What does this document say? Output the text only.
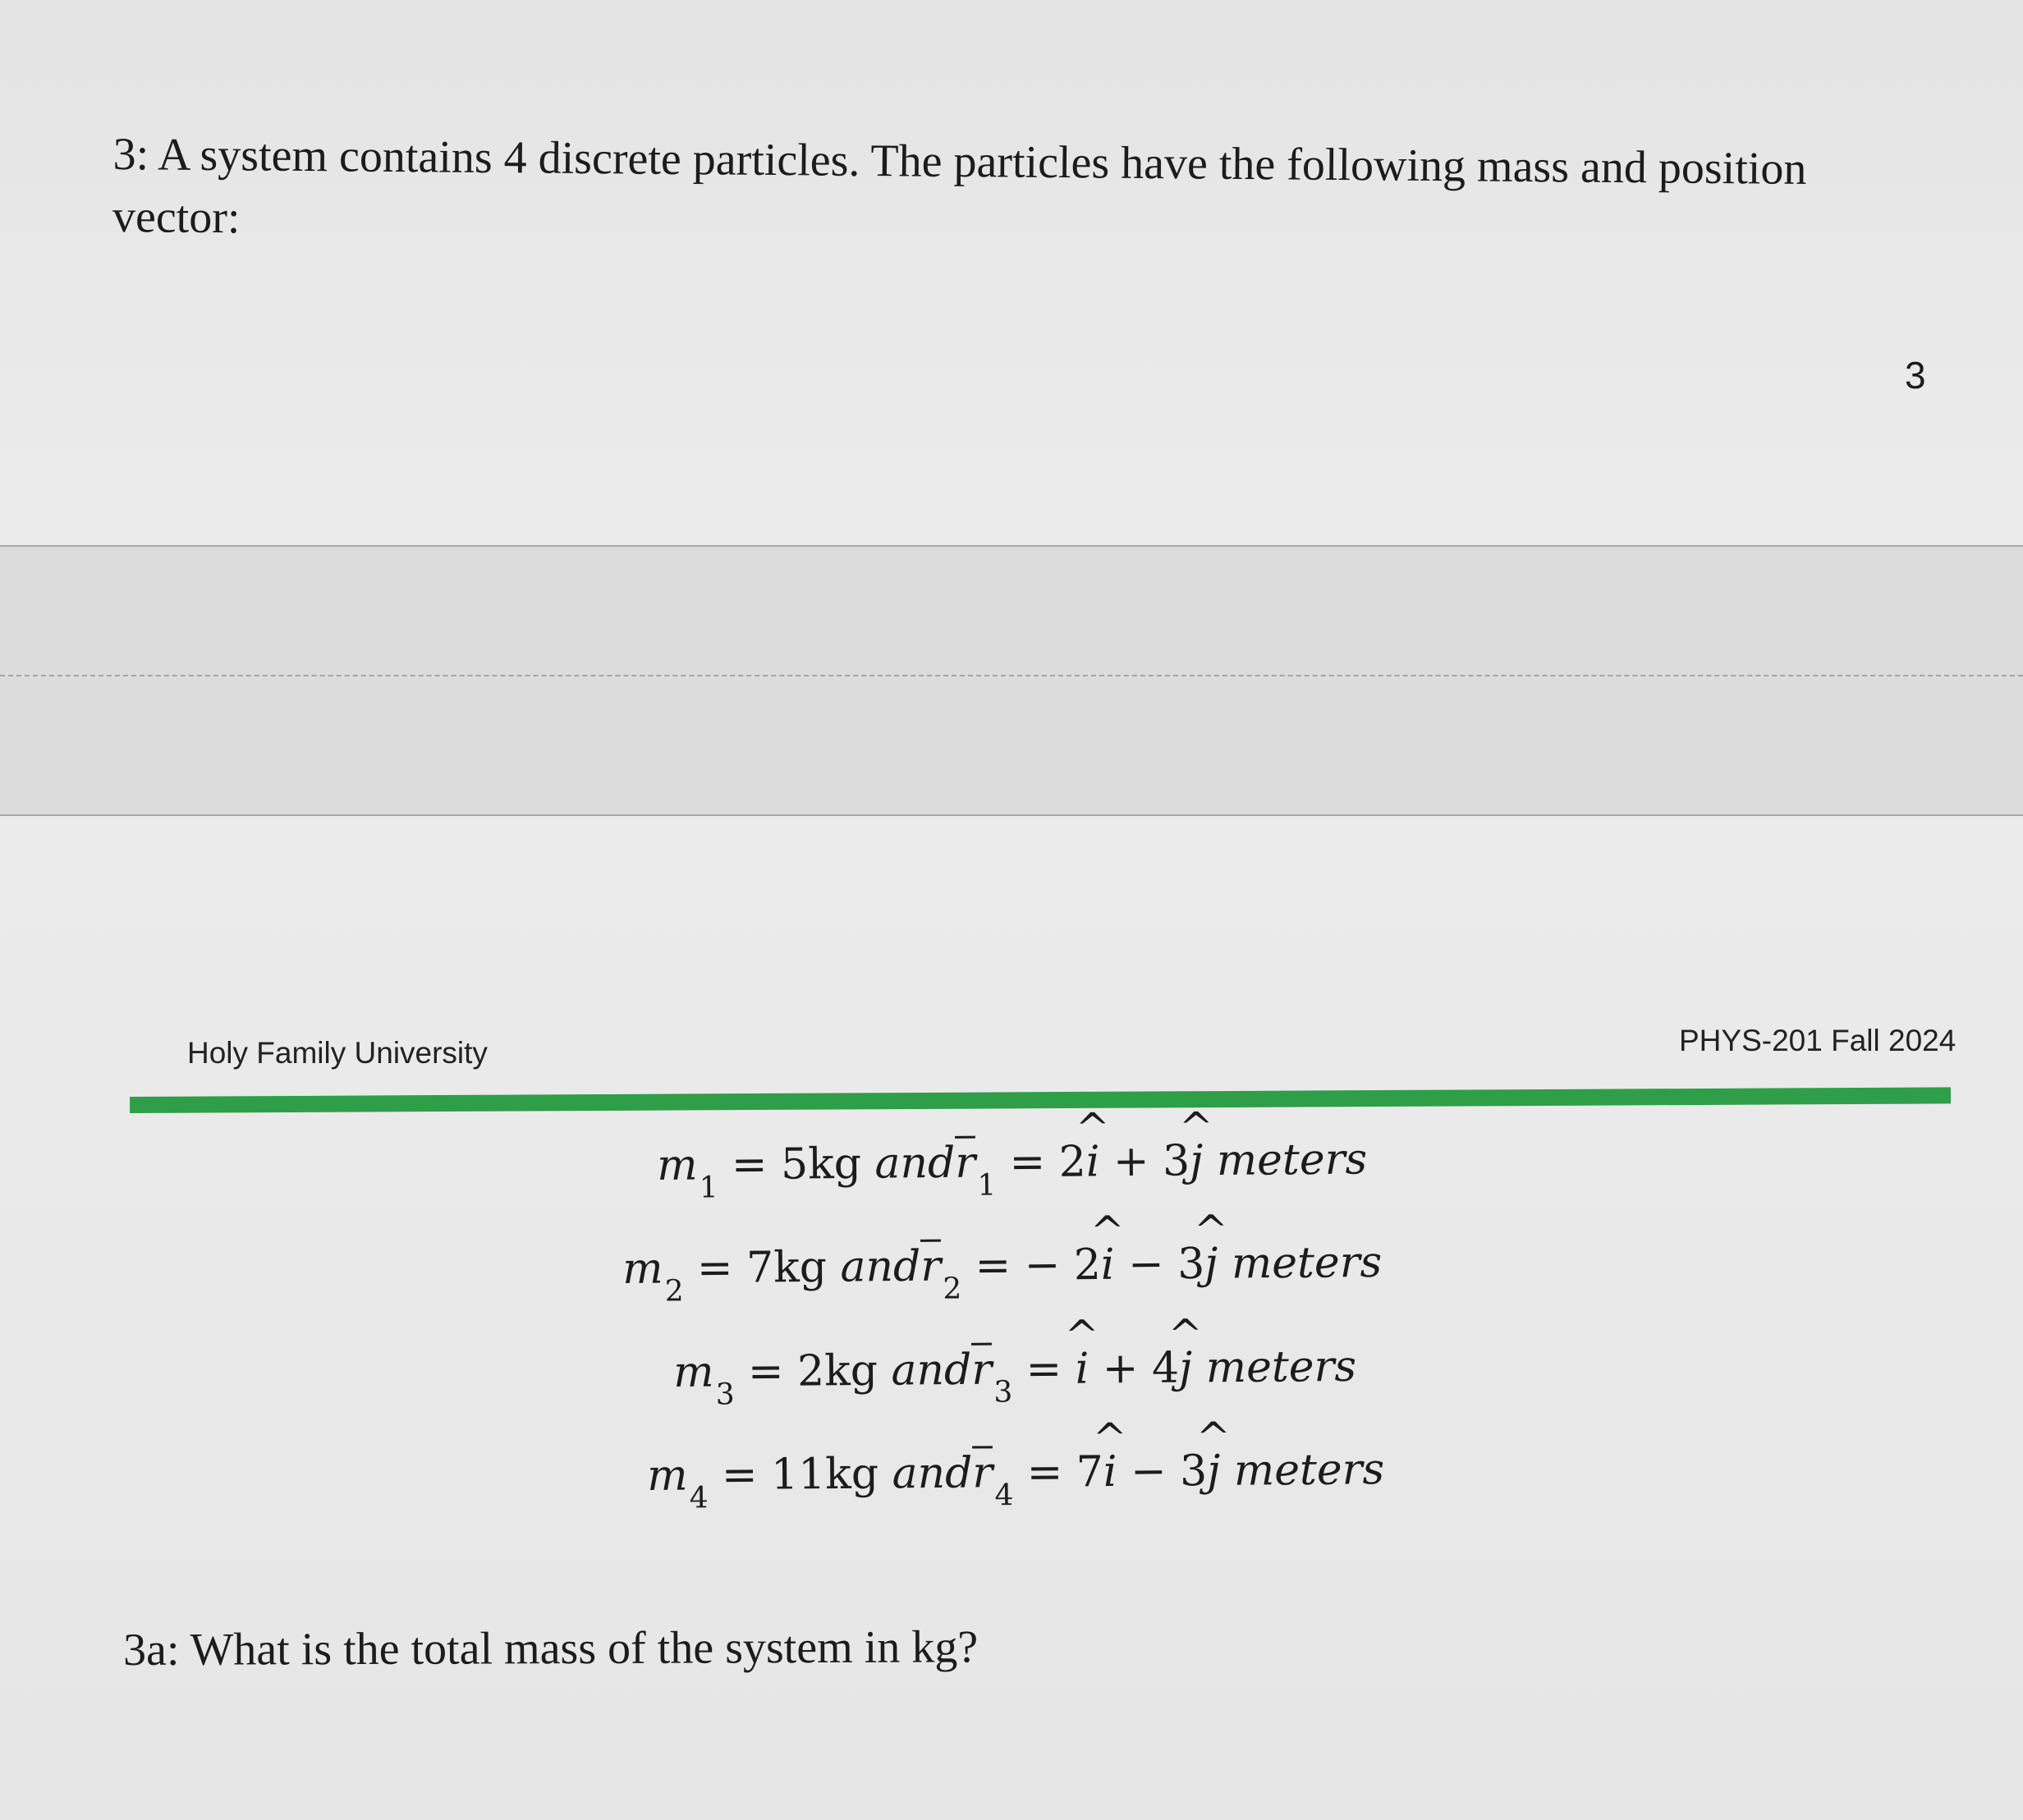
3: A system contains 4 discrete particles. The particles have the following mass and position vector:
3
Holy Family University	PHYS-201 Fall 2024
$m_1 = 5kg$ $and\overline{r}_1$ = 2^ i + 3^ j meters
$m_2 = 7kg$ $and\overline{r}_2$ = − 2^ i − 3^ j meters
$m_3 = 2kg$ $and\overline{r}_3$ = ^ i + 4^ j meters
$m_4 = 11kg$ $and\overline{r}_4$ = 7^ i − 3^ j meters
3a: What is the total mass of the system in kg?
